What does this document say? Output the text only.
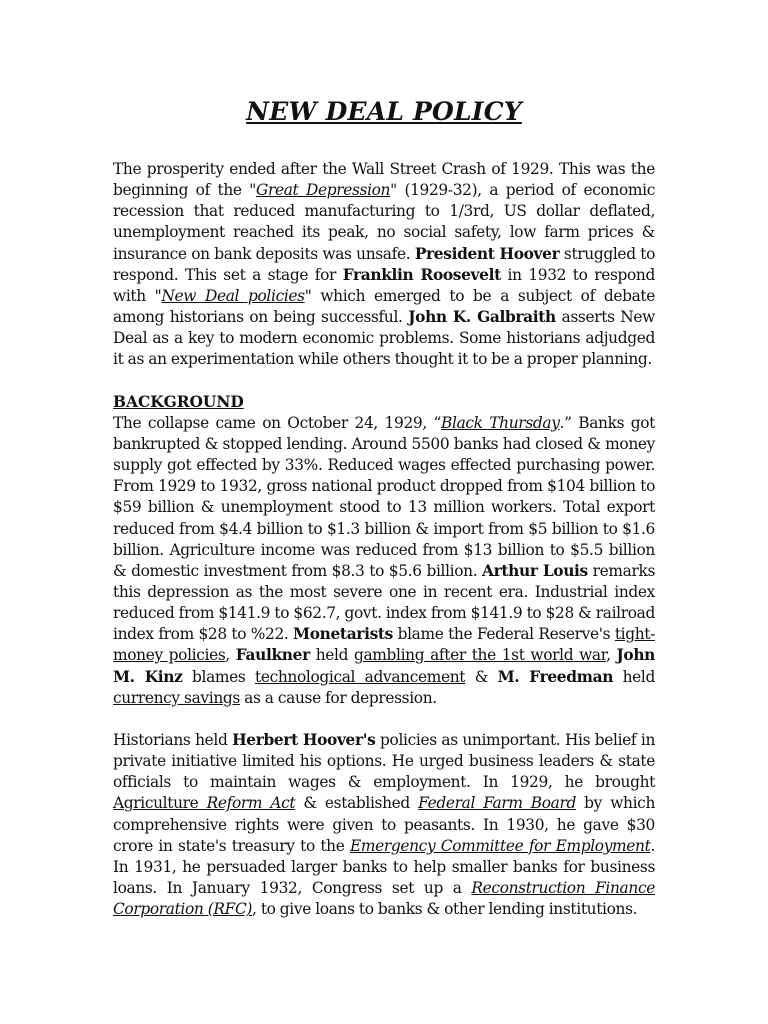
NEW DEAL POLICY

The prosperity ended after the Wall Street Crash of 1929. This was the beginning of the "Great Depression" (1929-32), a period of economic recession that reduced manufacturing to 1/3rd, US dollar deflated, unemployment reached its peak, no social safety, low farm prices & insurance on bank deposits was unsafe. President Hoover struggled to respond. This set a stage for Franklin Roosevelt in 1932 to respond with "New Deal policies" which emerged to be a subject of debate among historians on being successful. John K. Galbraith asserts New Deal as a key to modern economic problems. Some historians adjudged it as an experimentation while others thought it to be a proper planning.

BACKGROUND

The collapse came on October 24, 1929, “Black Thursday.” Banks got bankrupted & stopped lending. Around 5500 banks had closed & money supply got effected by 33%. Reduced wages effected purchasing power. From 1929 to 1932, gross national product dropped from $104 billion to $59 billion & unemployment stood to 13 million workers. Total export reduced from $4.4 billion to $1.3 billion & import from $5 billion to $1.6 billion. Agriculture income was reduced from $13 billion to $5.5 billion & domestic investment from $8.3 to $5.6 billion. Arthur Louis remarks this depression as the most severe one in recent era. Industrial index reduced from $141.9 to $62.7, govt. index from $141.9 to $28 & railroad index from $28 to %22. Monetarists blame the Federal Reserve's tight-money policies, Faulkner held gambling after the 1st world war, John M. Kinz blames technological advancement & M. Freedman held currency savings as a cause for depression.

Historians held Herbert Hoover's policies as unimportant. His belief in private initiative limited his options. He urged business leaders & state officials to maintain wages & employment. In 1929, he brought Agriculture Reform Act & established Federal Farm Board by which comprehensive rights were given to peasants. In 1930, he gave $30 crore in state's treasury to the Emergency Committee for Employment. In 1931, he persuaded larger banks to help smaller banks for business loans. In January 1932, Congress set up a Reconstruction Finance Corporation (RFC), to give loans to banks & other lending institutions.
